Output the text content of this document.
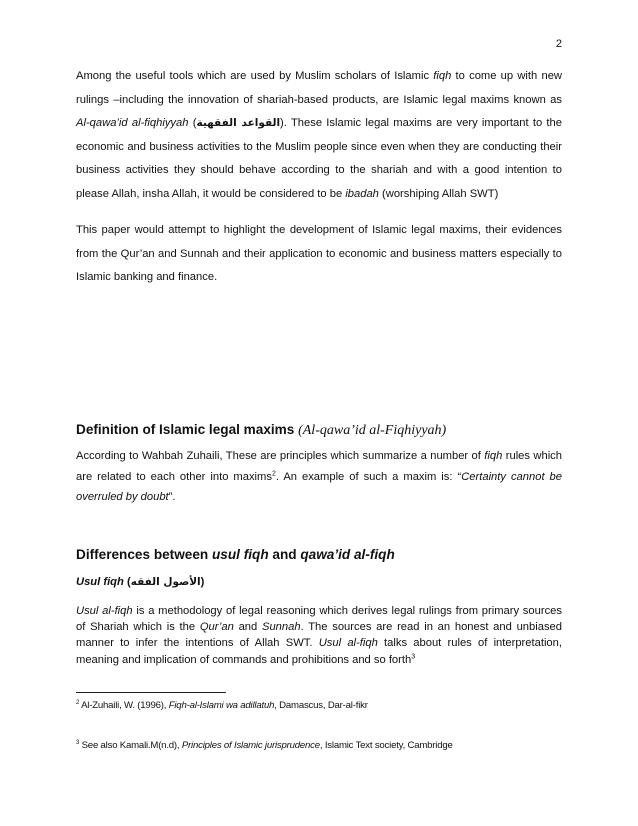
2

Among the useful tools which are used by Muslim scholars of Islamic fiqh to come up with new rulings –including the innovation of shariah-based products, are Islamic legal maxims known as Al-qawa’id al-fiqhiyyah (القواعد الفقهية). These Islamic legal maxims are very important to the economic and business activities to the Muslim people since even when they are conducting their business activities they should behave according to the shariah and with a good intention to please Allah, insha Allah, it would be considered to be ibadah (worshiping Allah SWT)

This paper would attempt to highlight the development of Islamic legal maxims, their evidences from the Qur’an and Sunnah and their application to economic and business matters especially to Islamic banking and finance.

Definition of Islamic legal maxims (Al-qawa’id al-Fiqhiyyah)

According to Wahbah Zuhaili, These are principles which summarize a number of fiqh rules which are related to each other into maxims$^2$. An example of such a maxim is: “Certainty cannot be overruled by doubt”.

Differences between usul fiqh and qawa’id al-fiqh
Usul fiqh (الأصول الفقه)

Usul al-fiqh is a methodology of legal reasoning which derives legal rulings from primary sources of Shariah which is the Qur’an and Sunnah. The sources are read in an honest and unbiased manner to infer the intentions of Allah SWT. Usul al-fiqh talks about rules of interpretation, meaning and implication of commands and prohibitions and so forth$^3$

$^2$ Al-Zuhaili, W. (1996), Fiqh-al-Islami wa adillatuh, Damascus, Dar-al-fikr

$^3$ See also Kamali.M(n.d), Principles of Islamic jurisprudence, Islamic Text society, Cambridge
